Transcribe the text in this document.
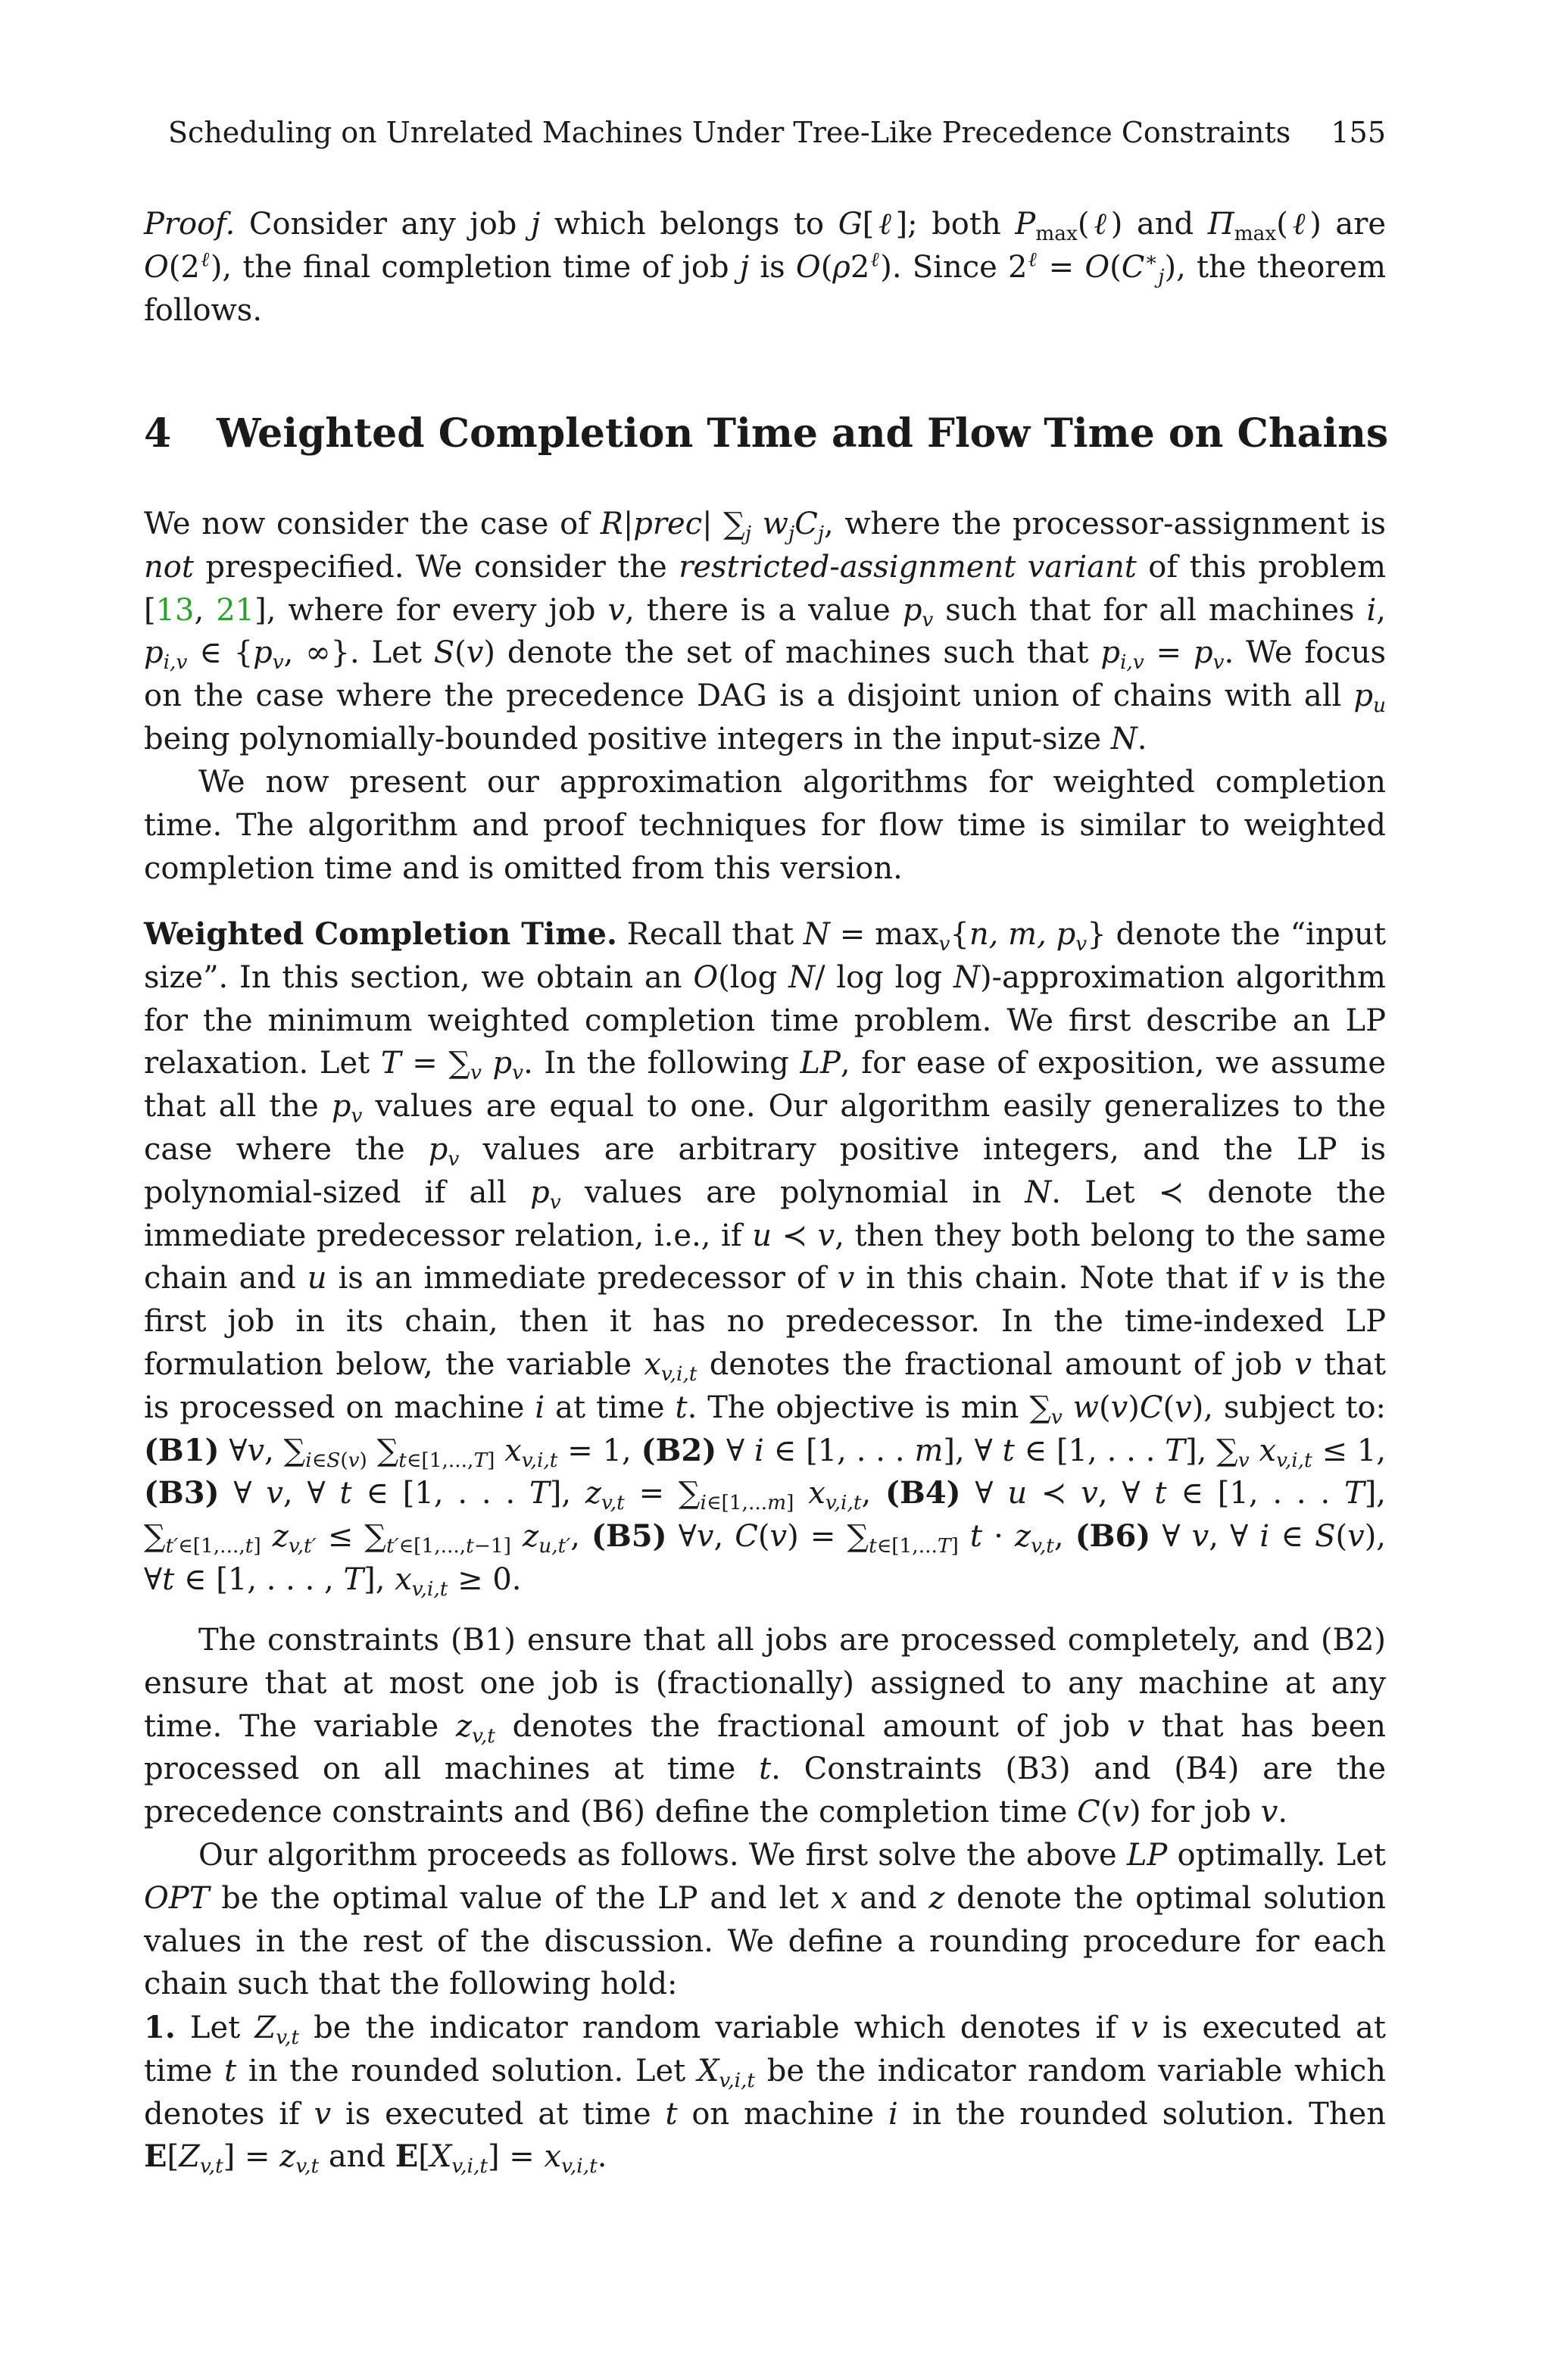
Scheduling on Unrelated Machines Under Tree-Like Precedence Constraints 155
Proof. Consider any job j which belongs to G[ℓ]; both $P_{max}(\ell)$ and $\Pi_{max}(\ell)$ are $O(2^\ell)$, the final completion time of job j is $O(\rho 2^\ell)$. Since $2^\ell = O(C^∗_j)$, the theorem follows.
4 Weighted Completion Time and Flow Time on Chains
We now consider the case of R|prec| $\sum_j$ $w_jC_j$, where the processor-assignment is not prespecified. We consider the restricted-assignment variant of this problem [13, 21], where for every job v, there is a value $p_v$ such that for all machines i, $p_{i,v}$ ∈ {$p_v$, ∞}. Let S(v) denote the set of machines such that $p_{i,v} = p_v$. We focus on the case where the precedence DAG is a disjoint union of chains with all $p_u$ being polynomially-bounded positive integers in the input-size N.
We now present our approximation algorithms for weighted completion time. The algorithm and proof techniques for flow time is similar to weighted completion time and is omitted from this version.
Weighted Completion Time. Recall that $N = \max_v\{n$, m, $p_v$} denote the “input size”. In this section, we obtain an O(log N/ log log N)-approximation algorithm for the minimum weighted completion time problem. We first describe an LP relaxation. Let $T = \sum_v$ $p_v$. In the following LP, for ease of exposition, we assume that all the $p_v$ values are equal to one. Our algorithm easily generalizes to the case where the $p_v$ values are arbitrary positive integers, and the LP is polynomial-sized if all $p_v$ values are polynomial in N. Let ≺ denote the immediate predecessor relation, i.e., if u ≺ v, then they both belong to the same chain and u is an immediate predecessor of v in this chain. Note that if v is the first job in its chain, then it has no predecessor. In the time-indexed LP formulation below, the variable $x_{v,i,t}$ denotes the fractional amount of job v that is processed on machine i at time t. The objective is $\min \sum_v$ w(v)C(v), subject to: (B1) ∀v, $\sum_{i\in S(v)}$ $\sum_{t\in[1,...,T]}$ $x_{v,i,t} = 1$, (B2) ∀ i ∈ [1, . . . m], ∀ t ∈ [1, . . . T], $\sum_v$ $x_{v,i,t} \le 1$, (B3) ∀ v, ∀ t ∈ [1, . . . T], $z_{v,t} = \sum_{i\in[1,...m]}$ $x_{v,i,t}$, (B4) ∀ u ≺ v, ∀ t ∈ [1, . . . T], $\sum_{t'\in[1,...,t]}$ $z_{v,t'} \le \sum_{t'\in[1,...,t-1]}$ $z_{u,t'}$, (B5) ∀v, $C(v) = \sum_{t\in[1,...T]}$ $t \cdot z_{v,t}$, (B6) ∀ v, ∀ i ∈ S(v), ∀t ∈ [1, . . . , T], $x_{v,i,t} \ge 0$.
The constraints (B1) ensure that all jobs are processed completely, and (B2) ensure that at most one job is (fractionally) assigned to any machine at any time. The variable $z_{v,t}$ denotes the fractional amount of job v that has been processed on all machines at time t. Constraints (B3) and (B4) are the precedence constraints and (B6) define the completion time C(v) for job v.
Our algorithm proceeds as follows. We first solve the above LP optimally. Let OPT be the optimal value of the LP and let x and z denote the optimal solution values in the rest of the discussion. We define a rounding procedure for each chain such that the following hold:
1. Let $Z_{v,t}$ be the indicator random variable which denotes if v is executed at time t in the rounded solution. Let $X_{v,i,t}$ be the indicator random variable which denotes if v is executed at time t on machine i in the rounded solution. Then $E[Z_{v,t}] = z_{v,t}$ and $E[X_{v,i,t}] = x_{v,i,t}$.
